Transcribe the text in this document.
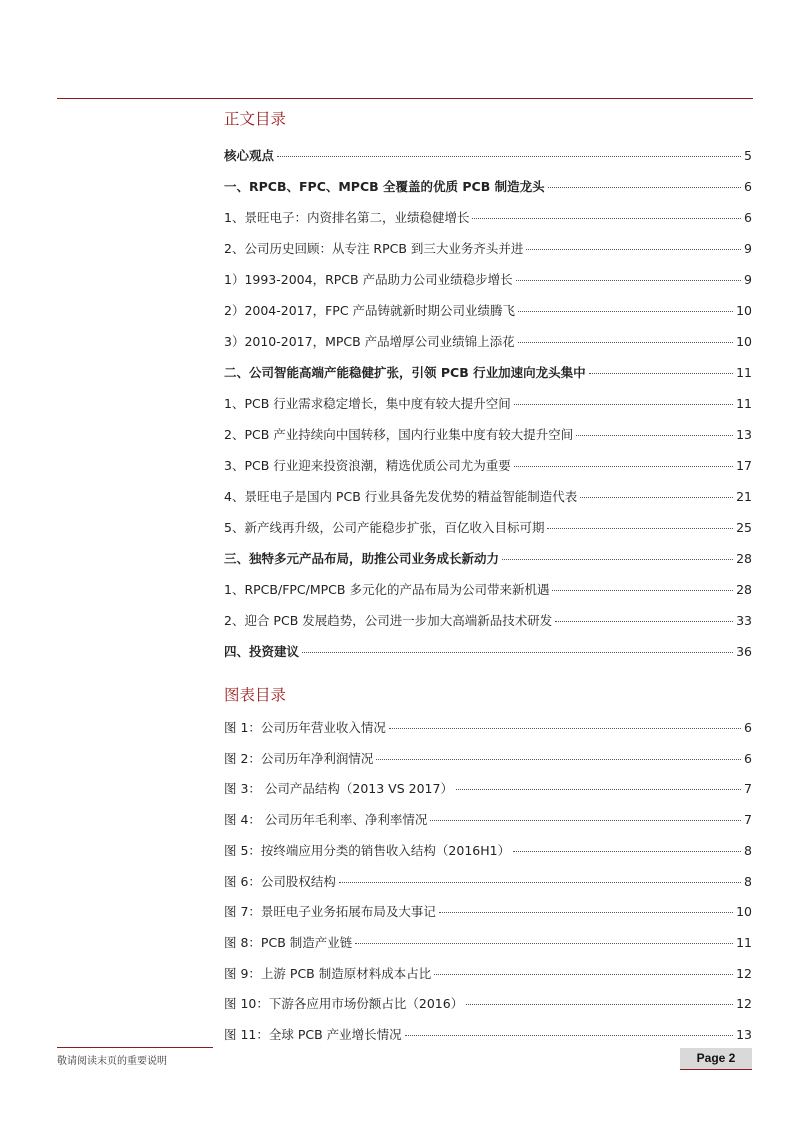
正文目录
核心观点	5
一、RPCB、FPC、MPCB 全覆盖的优质 PCB 制造龙头	6
1、景旺电子：内资排名第二，业绩稳健增长	6
2、公司历史回顾：从专注 RPCB 到三大业务齐头并进	9
1）1993-2004，RPCB 产品助力公司业绩稳步增长	9
2）2004-2017，FPC 产品铸就新时期公司业绩腾飞	10
3）2010-2017，MPCB 产品增厚公司业绩锦上添花	10
二、公司智能高端产能稳健扩张，引领 PCB 行业加速向龙头集中	11
1、PCB 行业需求稳定增长，集中度有较大提升空间	11
2、PCB 产业持续向中国转移，国内行业集中度有较大提升空间	13
3、PCB 行业迎来投资浪潮，精选优质公司尤为重要	17
4、景旺电子是国内 PCB 行业具备先发优势的精益智能制造代表	21
5、新产线再升级，公司产能稳步扩张，百亿收入目标可期	25
三、独特多元产品布局，助推公司业务成长新动力	28
1、RPCB/FPC/MPCB 多元化的产品布局为公司带来新机遇	28
2、迎合 PCB 发展趋势，公司进一步加大高端新品技术研发	33
四、投资建议	36
图表目录
图 1：公司历年营业收入情况	6
图 2：公司历年净利润情况	6
图 3： 公司产品结构（2013 VS 2017）	7
图 4： 公司历年毛利率、净利率情况	7
图 5：按终端应用分类的销售收入结构（2016H1）	8
图 6：公司股权结构	8
图 7：景旺电子业务拓展布局及大事记	10
图 8：PCB 制造产业链	11
图 9：上游 PCB 制造原材料成本占比	12
图 10：下游各应用市场份额占比（2016）	12
图 11：全球 PCB 产业增长情况	13
敬请阅读末页的重要说明	Page 2
